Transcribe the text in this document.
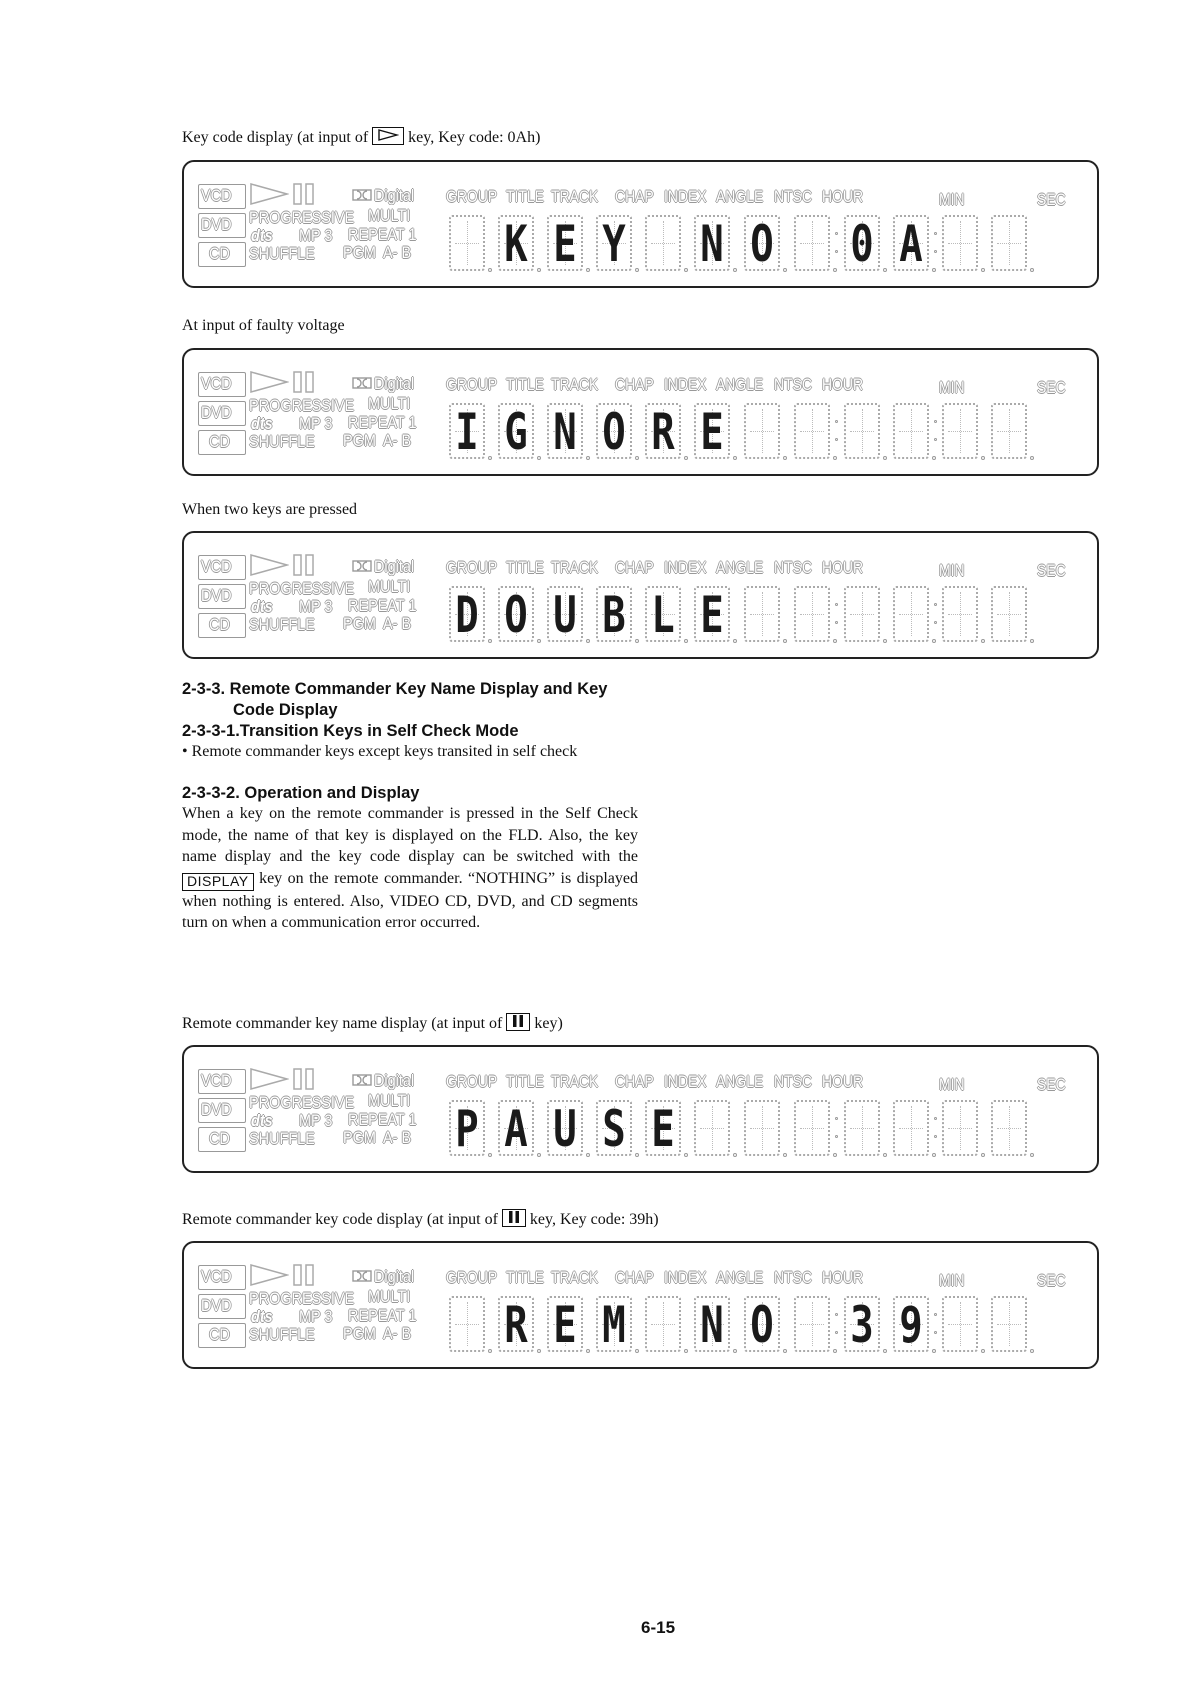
Key code display (at input of	key, Key code: 0Ah)
VCD
DVD
CD
Digital
PROGRESSIVE MULTI
dts MP 3 REPEAT 1
SHUFFLE PGM A- B
GROUP TITLE TRACK CHAP INDEX ANGLE NTSC HOUR	MIN	SEC
K E Y N O 0 A
At input of faulty voltage
VCD
DVD
CD
Digital
PROGRESSIVE MULTI
dts MP 3 REPEAT 1
SHUFFLE PGM A- B
GROUP TITLE TRACK CHAP INDEX ANGLE NTSC HOUR	MIN	SEC
I G N O R E
When two keys are pressed
VCD
DVD
CD
Digital
PROGRESSIVE MULTI
dts MP 3 REPEAT 1
SHUFFLE PGM A- B
GROUP TITLE TRACK CHAP INDEX ANGLE NTSC HOUR	MIN	SEC
D O U B L E
2-3-3. Remote Commander Key Name Display and Key
Code Display
2-3-3-1.Transition Keys in Self Check Mode
• Remote commander keys except keys transited in self check
2-3-3-2. Operation and Display
When a key on the remote commander is pressed in the Self Check mode, the name of that key is displayed on the FLD. Also, the key name display and the key code display can be switched with the DISPLAY key on the remote commander. “NOTHING” is displayed when nothing is entered. Also, VIDEO CD, DVD, and CD segments turn on when a communication error occurred.
Remote commander key name display (at input of key)
VCD
DVD
CD
Digital
PROGRESSIVE MULTI
dts MP 3 REPEAT 1
SHUFFLE PGM A- B
GROUP TITLE TRACK CHAP INDEX ANGLE NTSC HOUR	MIN	SEC
P A U S E
Remote commander key code display (at input of key, Key code: 39h)
VCD
DVD
CD
Digital
PROGRESSIVE MULTI
dts MP 3 REPEAT 1
SHUFFLE PGM A- B
GROUP TITLE TRACK CHAP INDEX ANGLE NTSC HOUR	MIN	SEC
R E M N O 3 9
6-15
